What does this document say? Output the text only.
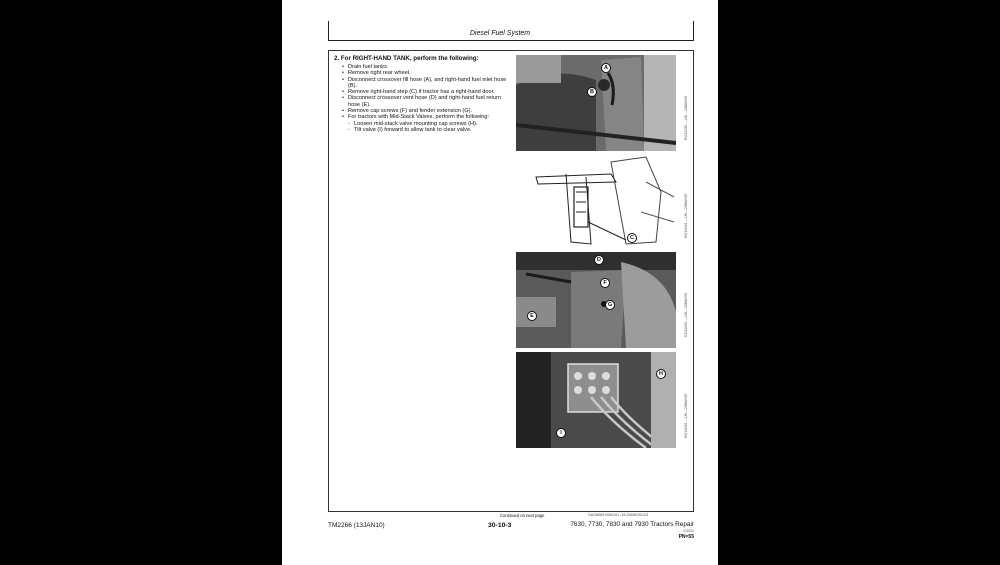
Diesel Fuel System
2. For RIGHT-HAND TANK, perform the following:
• Drain fuel tanks.
• Remove right rear wheel.
• Disconnect crossover fill hose (A), and right-hand fuel inlet hose (B).
• Remove right-hand step (C) if tractor has a right-hand door.
• Disconnect crossover vent hose (D) and right-hand fuel return hose (E).
• Remove cap screws (F) and fender extension (G).
• For tractors with Mid-Stack Valves, perform the following:
- Loosen mid-stack valve mounting cap screws (H).
- Tilt valve (I) forward to allow tank to clear valve.
A
B
RG14090 —UN—20MAY05
C	RG14091 —UN—20MAY05
D
F
G
E	RG14092 —UN—20MAY05
H
I	RG14093 —UN—20MAY05
Continued on next page	OUO6069,0000101 -19-23MAY05-2/3
TM2266 (13JAN10)	30-10-3	7630, 7730, 7830 and 7930 Tractors Repair
010310
PN=55
